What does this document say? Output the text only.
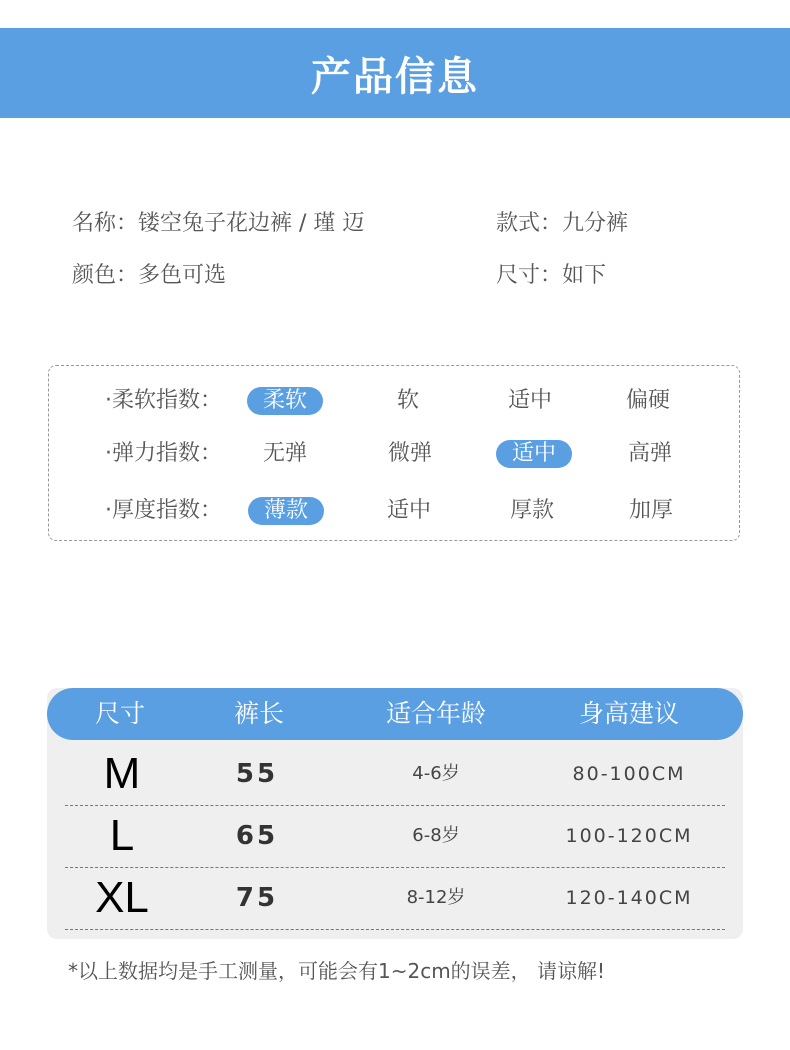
产品信息
名称：镂空兔子花边裤 / 瑾 迈	款式：九分裤
颜色：多色可选	尺寸：如下
·柔软指数：	柔软	软	适中	偏硬
·弹力指数：	无弹	微弹	适中	高弹
·厚度指数：	薄款	适中	厚款	加厚
尺寸	裤长	适合年龄	身高建议
M	55	4-6岁	80-100CM
L	65	6-8岁	100-120CM
XL	75	8-12岁	120-140CM
*以上数据均是手工测量，可能会有1~2cm的误差， 请谅解!
